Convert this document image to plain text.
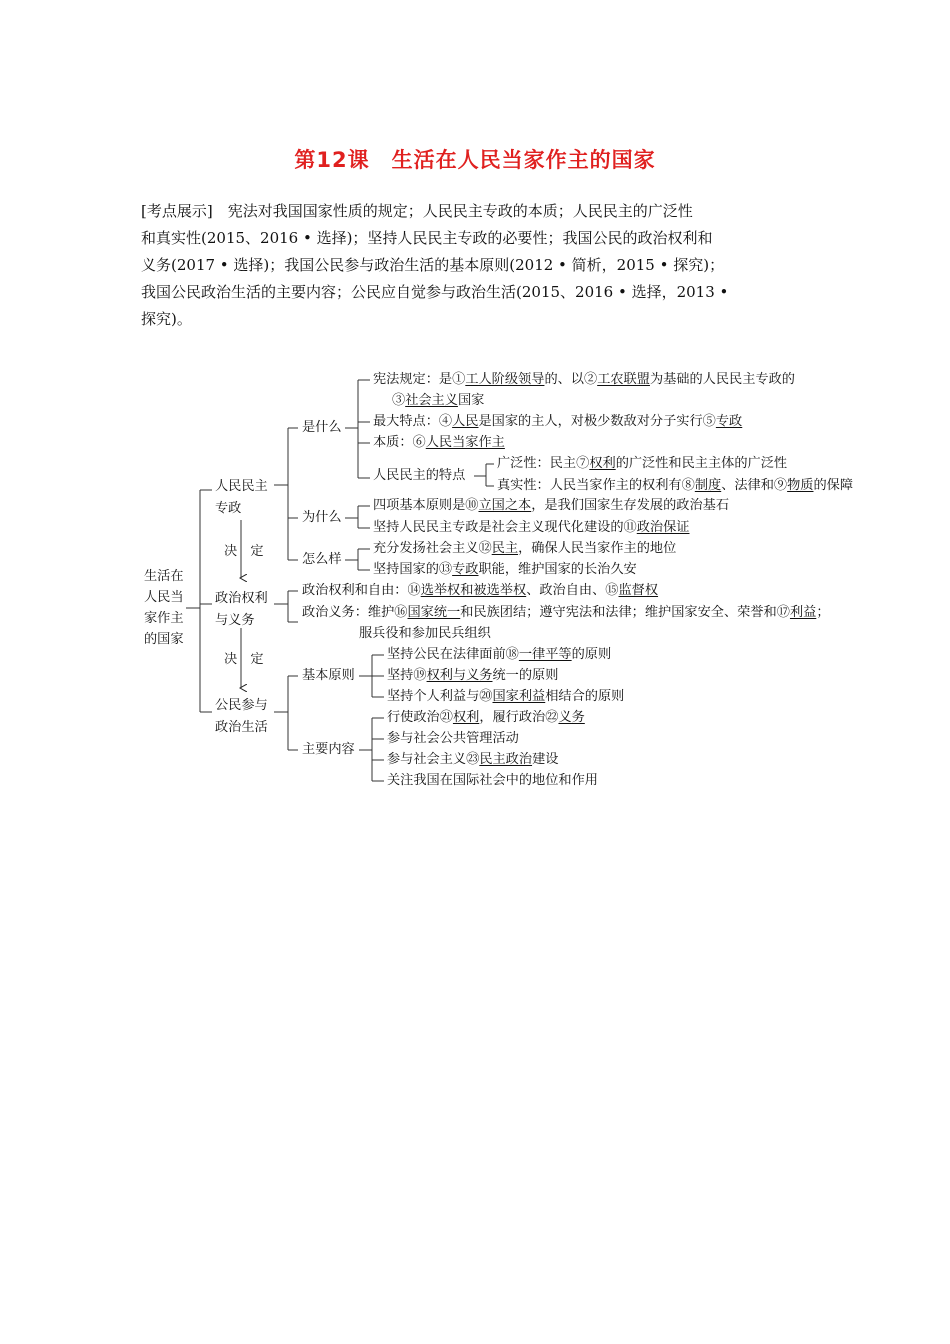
第12课　生活在人民当家作主的国家

[考点展示]　宪法对我国国家性质的规定；人民民主专政的本质；人民民主的广泛性

和真实性(2015、2016 • 选择)；坚持人民民主专政的必要性；我国公民的政治权利和

义务(2017 • 选择)；我国公民参与政治生活的基本原则(2012 • 简析，2015 • 探究)；

我国公民政治生活的主要内容；公民应自觉参与政治生活(2015、2016 • 选择，2013 •

探究)。

生活在
人民当
家作主
的国家
人民民主
专政
决　定
政治权利
与义务
决　定
公民参与
政治生活
是什么
为什么
怎么样
基本原则
主要内容
宪法规定：是①工人阶级领导的、以②工农联盟为基础的人民民主专政的
③社会主义国家
最大特点：④人民是国家的主人，对极少数敌对分子实行⑤专政
本质：⑥人民当家作主
人民民主的特点
广泛性：民主⑦权利的广泛性和民主主体的广泛性
真实性：人民当家作主的权利有⑧制度、法律和⑨物质的保障
四项基本原则是⑩立国之本，是我们国家生存发展的政治基石
坚持人民民主专政是社会主义现代化建设的⑪政治保证
充分发扬社会主义⑫民主，确保人民当家作主的地位
坚持国家的⑬专政职能，维护国家的长治久安
政治权利和自由：⑭选举权和被选举权、政治自由、⑮监督权
政治义务：维护⑯国家统一和民族团结；遵守宪法和法律；维护国家安全、荣誉和⑰利益；
服兵役和参加民兵组织
坚持公民在法律面前⑱一律平等的原则
坚持⑲权利与义务统一的原则
坚持个人利益与⑳国家利益相结合的原则
行使政治㉑权利，履行政治㉒义务
参与社会公共管理活动
参与社会主义㉓民主政治建设
关注我国在国际社会中的地位和作用
